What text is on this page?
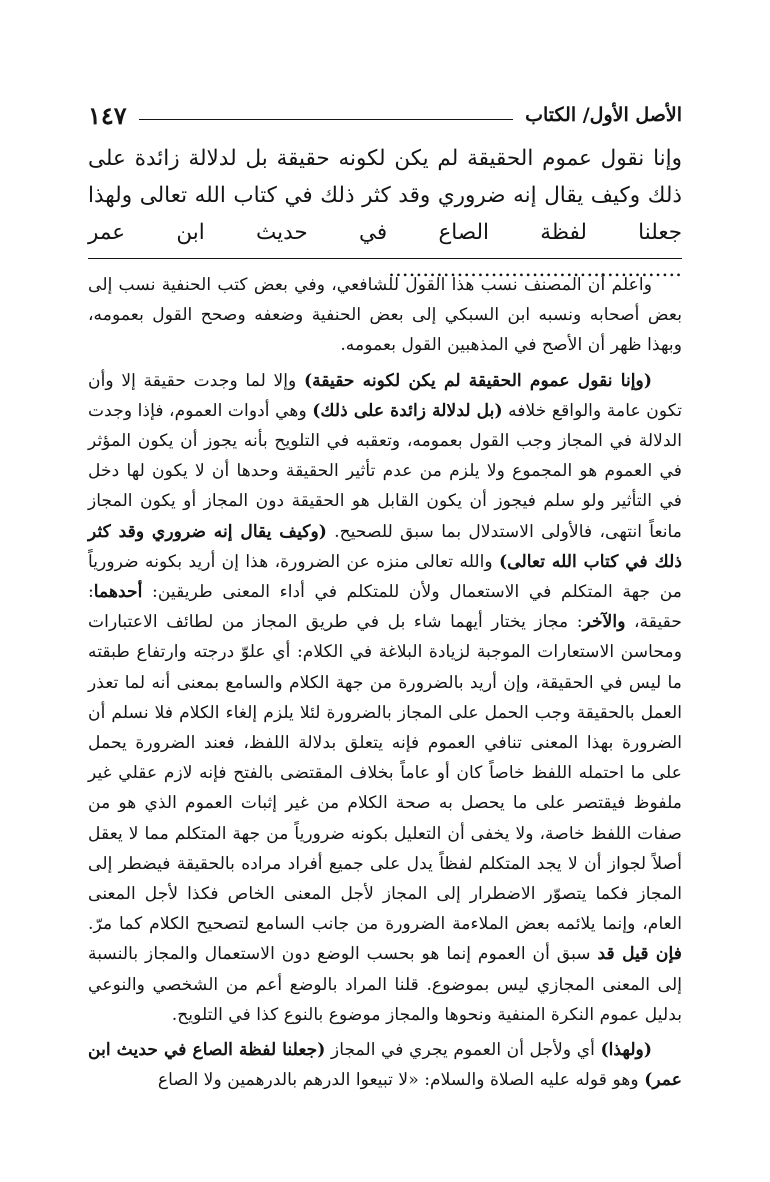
الأصل الأول/ الكتاب
١٤٧

وإنا نقول عموم الحقيقة لم يكن لكونه حقيقة بل لدلالة زائدة على ذلك وكيف يقال إنه ضروري وقد كثر ذلك في كتاب الله تعالى ولهذا جعلنا لفظة الصاع في حديث ابن عمر ...........................................

واعلم أن المصنف نسب هذا القول للشافعي، وفي بعض كتب الحنفية نسب إلى بعض أصحابه ونسبه ابن السبكي إلى بعض الحنفية وضعفه وصحح القول بعمومه، وبهذا ظهر أن الأصح في المذهبين القول بعمومه.

(وإنا نقول عموم الحقيقة لم يكن لكونه حقيقة) وإلا لما وجدت حقيقة إلا وأن تكون عامة والواقع خلافه (بل لدلالة زائدة على ذلك) وهي أدوات العموم، فإذا وجدت الدلالة في المجاز وجب القول بعمومه، وتعقبه في التلويح بأنه يجوز أن يكون المؤثر في العموم هو المجموع ولا يلزم من عدم تأثير الحقيقة وحدها أن لا يكون لها دخل في التأثير ولو سلم فيجوز أن يكون القابل هو الحقيقة دون المجاز أو يكون المجاز مانعاً انتهى، فالأولى الاستدلال بما سبق للصحيح. (وكيف يقال إنه ضروري وقد كثر ذلك في كتاب الله تعالى) والله تعالى منزه عن الضرورة، هذا إن أريد بكونه ضرورياً من جهة المتكلم في الاستعمال ولأن للمتكلم في أداء المعنى طريقين: أحدهما: حقيقة، والآخر: مجاز يختار أيهما شاء بل في طريق المجاز من لطائف الاعتبارات ومحاسن الاستعارات الموجبة لزيادة البلاغة في الكلام: أي علوّ درجته وارتفاع طبقته ما ليس في الحقيقة، وإن أريد بالضرورة من جهة الكلام والسامع بمعنى أنه لما تعذر العمل بالحقيقة وجب الحمل على المجاز بالضرورة لئلا يلزم إلغاء الكلام فلا نسلم أن الضرورة بهذا المعنى تنافي العموم فإنه يتعلق بدلالة اللفظ، فعند الضرورة يحمل على ما احتمله اللفظ خاصاً كان أو عاماً بخلاف المقتضى بالفتح فإنه لازم عقلي غير ملفوظ فيقتصر على ما يحصل به صحة الكلام من غير إثبات العموم الذي هو من صفات اللفظ خاصة، ولا يخفى أن التعليل بكونه ضرورياً من جهة المتكلم مما لا يعقل أصلاً لجواز أن لا يجد المتكلم لفظاً يدل على جميع أفراد مراده بالحقيقة فيضطر إلى المجاز فكما يتصوّر الاضطرار إلى المجاز لأجل المعنى الخاص فكذا لأجل المعنى العام، وإنما يلائمه بعض الملاءمة الضرورة من جانب السامع لتصحيح الكلام كما مرّ. فإن قيل قد سبق أن العموم إنما هو بحسب الوضع دون الاستعمال والمجاز بالنسبة إلى المعنى المجازي ليس بموضوع. قلنا المراد بالوضع أعم من الشخصي والنوعي بدليل عموم النكرة المنفية ونحوها والمجاز موضوع بالنوع كذا في التلويح.

(ولهذا) أي ولأجل أن العموم يجري في المجاز (جعلنا لفظة الصاع في حديث ابن عمر) وهو قوله عليه الصلاة والسلام: «لا تبيعوا الدرهم بالدرهمين ولا الصاع
